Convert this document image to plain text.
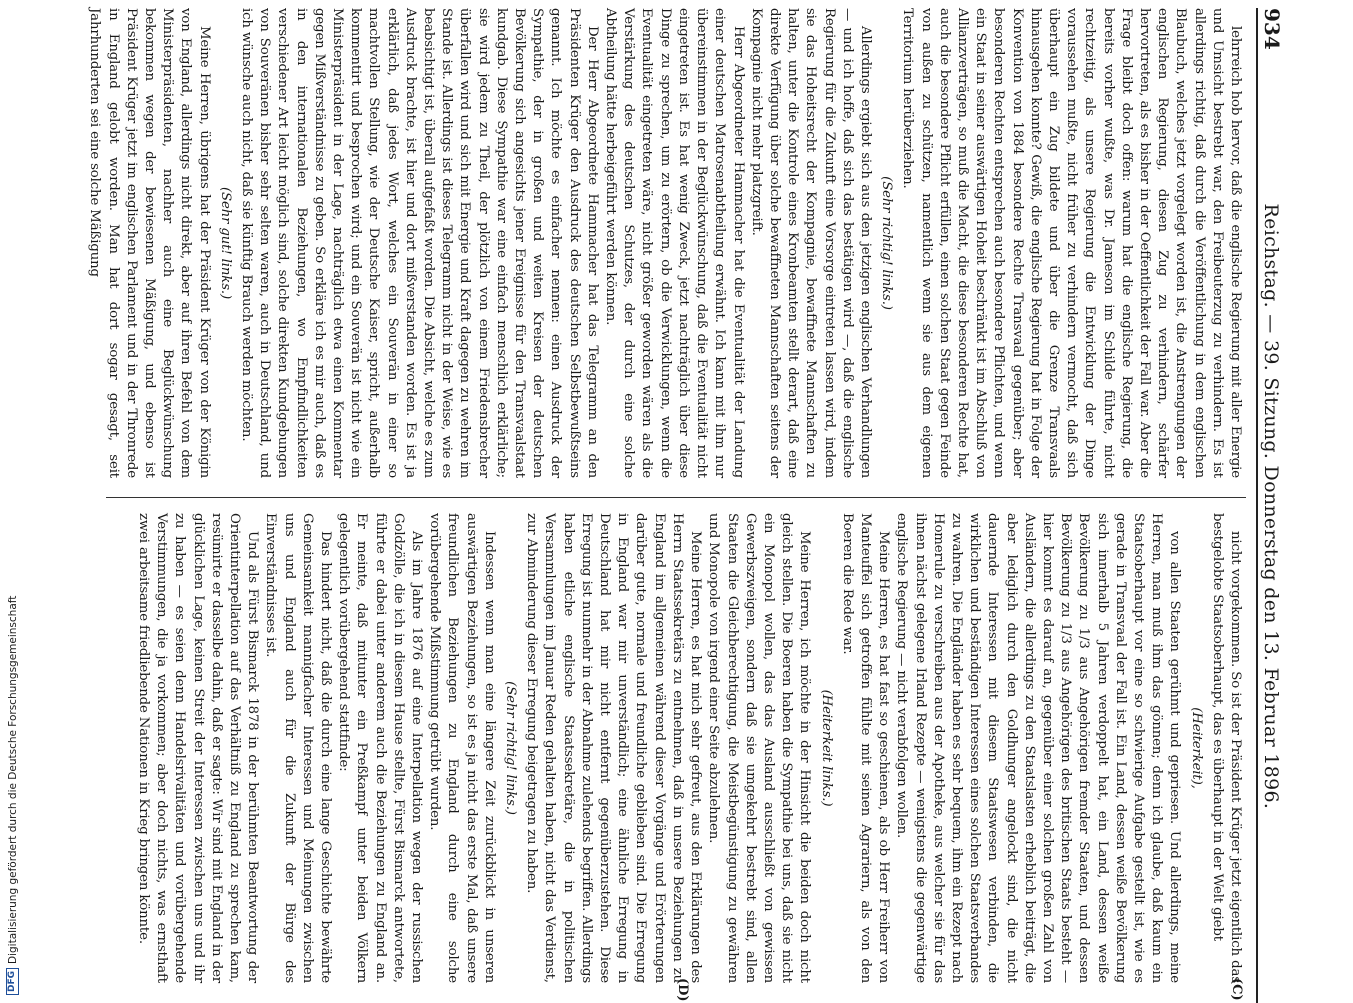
DFG
Digitalisierung gefördert durch die Deutsche Forschungsgemeinschaft
934
Reichstag. — 39. Sitzung. Donnerstag den 13. Februar 1896.
(C)
(D)

lehrreich hob hervor, daß die englische Regierung mit aller Energie und Umsicht bestrebt war, den Freibeuterzug zu verhindern. Es ist allerdings richtig, daß durch die Veröffentlichung in dem englischen Blaubuch, welches jetzt vorgelegt worden ist, die Anstrengungen der englischen Regierung, diesen Zug zu verhindern, schärfer hervortreten, als es bisher in der Oeffentlichkeit der Fall war. Aber die Frage bleibt doch offen: warum hat die englische Regierung, die bereits vorher wußte, was Dr. Jameson im Schilde führte, nicht rechtzeitig, als unsere Regierung die Entwicklung der Dinge voraussehen mußte, nicht früher zu verhindern vermocht, daß sich überhaupt ein Zug bildete und über die Grenze Transvaals hinausgehen konnte? Gewiß, die englische Regierung hat in Folge der Konvention von 1884 besondere Rechte Transvaal gegenüber; aber besonderen Rechten entsprechen auch besondere Pflichten, und wenn ein Staat in seiner auswärtigen Hoheit beschränkt ist im Abschluß von Allianzverträgen, so muß die Macht, die diese besonderen Rechte hat, auch die besondere Pflicht erfüllen, einen solchen Staat gegen Feinde von außen zu schützen, namentlich wenn sie aus dem eigenen Territorium herüberziehen.

(Sehr richtig! links.)

Allerdings ergiebt sich aus den jetzigen englischen Verhandlungen — und ich hoffe, daß sich das bestätigen wird —, daß die englische Regierung für die Zukunft eine Vorsorge eintreten lassen wird, indem sie das Hoheitsrecht der Kompagnie, bewaffnete Mannschaften zu halten, unter die Kontrole eines Kronbeamten stellt derart, daß eine direkte Verfügung über solche bewaffneten Mannschaften seitens der Kompagnie nicht mehr platzgreift.

Herr Abgeordneter Hammacher hat die Eventualität der Landung einer deutschen Matrosenabtheilung erwähnt. Ich kann mit ihm nur übereinstimmen in der Beglückwünschung, daß die Eventualität nicht eingetreten ist. Es hat wenig Zweck, jetzt nachträglich über diese Dinge zu sprechen, um zu erörtern, ob die Verwicklungen, wenn die Eventualität eingetreten wäre, nicht größer geworden wären als die Verstärkung des deutschen Schutzes, der durch eine solche Abtheilung hätte herbeigeführt werden können.

Der Herr Abgeordnete Hammacher hat das Telegramm an den Präsidenten Krüger den Ausdruck des deutschen Selbstbewußtseins genannt. Ich möchte es einfacher nennen: einen Ausdruck der Sympathie, der in großen und weiten Kreisen der deutschen Bevölkerung sich angesichts jener Ereignisse für den Transvaalstaat kundgab. Diese Sympathie war eine einfach menschlich erklärliche; sie wird jedem zu Theil, der plötzlich von einem Friedensbrecher überfallen wird und sich mit Energie und Kraft dagegen zu wehren im Stande ist. Allerdings ist dieses Telegramm nicht in der Weise, wie es beabsichtigt ist, überall aufgefaßt worden. Die Absicht, welche es zum Ausdruck brachte, ist hier und dort mißverstanden worden. Es ist ja erklärlich, daß jedes Wort, welches ein Souverän in einer so machtvollen Stellung, wie der Deutsche Kaiser, spricht, außerhalb kommentirt und besprochen wird; und ein Souverän ist nicht wie ein Ministerpräsident in der Lage, nachträglich etwa einen Kommentar gegen Mißverständnisse zu geben. So erkläre ich es mir auch, daß es in den internationalen Beziehungen, wo Empfindlichkeiten verschiedener Art leicht möglich sind, solche direkten Kundgebungen von Souveränen bisher sehr selten waren, auch in Deutschland, und ich wünsche auch nicht, daß sie künftig Brauch werden möchten.

(Sehr gut! links.)

Meine Herren, übrigens hat der Präsident Krüger von der Königin von England, allerdings nicht direkt, aber auf ihren Befehl von dem Ministerpräsidenten, nachher auch eine Beglückwünschung bekommen wegen der bewiesenen Mäßigung, und ebenso ist Präsident Krüger jetzt im englischen Parlament und in der Thronrede in England gelobt worden. Man hat dort sogar gesagt, seit Jahrhunderten sei eine solche Mäßigung

nicht vorgekommen. So ist der Präsident Krüger jetzt eigentlich das bestgelobte Staatsoberhaupt, das es überhaupt in der Welt giebt

(Heiterkeit),

von allen Staaten gerühmt und gepriesen. Und allerdings, meine Herren, man muß ihm das gönnen; denn ich glaube, daß kaum ein Staatsoberhaupt vor eine so schwierige Aufgabe gestellt ist, wie es gerade in Transvaal der Fall ist. Ein Land, dessen weiße Bevölkerung sich innerhalb 5 Jahren verdoppelt hat, ein Land, dessen weiße Bevölkerung zu 1/3 aus Angehörigen fremder Staaten, und dessen Bevölkerung zu 1/3 aus Angehörigen des britischen Staats besteht — hier kommt es darauf an, gegenüber einer solchen großen Zahl von Ausländern, die allerdings zu den Staatslasten erheblich beiträgt, die aber lediglich durch den Goldhunger angelockt sind, die nicht dauernde Interessen mit diesem Staatswesen verbinden, die wirklichen und beständigen Interessen eines solchen Staatsverbandes zu wahren. Die Engländer haben es sehr bequem, ihm ein Rezept nach Homerule zu verschreiben aus der Apotheke, aus welcher sie für das ihnen nächst gelegene Irland Rezepte — wenigstens die gegenwärtige englische Regierung — nicht verabfolgen wollen.

Meine Herren, es hat fast so geschienen, als ob Herr Freiherr von Manteuffel sich getroffen fühlte mit seinen Agrariern, als von den Boeren die Rede war.

(Heiterkeit links.)

Meine Herren, ich möchte in der Hinsicht die beiden doch nicht gleich stellen. Die Boeren haben die Sympathie bei uns, daß sie nicht ein Monopol wollen, das das Ausland ausschließt von gewissen Gewerbszweigen, sondern daß sie umgekehrt bestrebt sind, allen Staaten die Gleichberechtigung, die Meistbegünstigung zu gewähren und Monopole von irgend einer Seite abzulehnen.

Meine Herren, es hat mich sehr gefreut, aus den Erklärungen des Herrn Staatssekretärs zu entnehmen, daß in unsere Beziehungen zu England im allgemeinen während dieser Vorgänge und Erörterungen darüber gute, normale und freundliche geblieben sind. Die Erregung in England war mir unverständlich; eine ähnliche Erregung in Deutschland hat mir nicht entfernt gegenüberzustehen. Diese Erregung ist nunmehr in der Abnahme zulehends begriffen. Allerdings haben etliche englische Staatssekretäre, die in politischen Versammlungen im Januar Reden gehalten haben, nicht das Verdienst, zur Abminderung dieser Erregung beigetragen zu haben.

(Sehr richtig! links.)

Indessen wenn man eine längere Zeit zurückblickt in unseren auswärtigen Beziehungen, so ist es ja nicht das erste Mal, daß unsere freundlichen Beziehungen zu England durch eine solche vorübergehende Mißstimmung getrübt wurden.

Als im Jahre 1876 auf eine Interpellation wegen der russischen Goldzölle, die ich in diesem Hause stellte, Fürst Bismarck antwortete, führte er dabei unter anderem auch die Beziehungen zu England an. Er meinte, daß mitunter ein Preßkampf unter beiden Völkern gelegentlich vorübergehend stattfinde:

Das hindert nicht, daß die durch eine lange Geschichte bewährte Gemeinsamkeit mannigfacher Interessen und Meinungen zwischen uns und England auch für die Zukunft der Bürge des Einverständnisses ist.

Und als Fürst Bismarck 1878 in der berühmten Beantwortung der Orientinterpellation auf das Verhältniß zu England zu sprechen kam, resümirte er dasselbe dahin, daß er sagte: Wir sind mit England in der glücklichen Lage, keinen Streit der Interessen zwischen uns und ihr zu haben — es seien denn Handelsrivalitäten und vorübergehende Verstimmungen, die ja vorkommen; aber doch nichts, was ernsthaft zwei arbeitsame friedliebende Nationen in Krieg bringen könnte.
